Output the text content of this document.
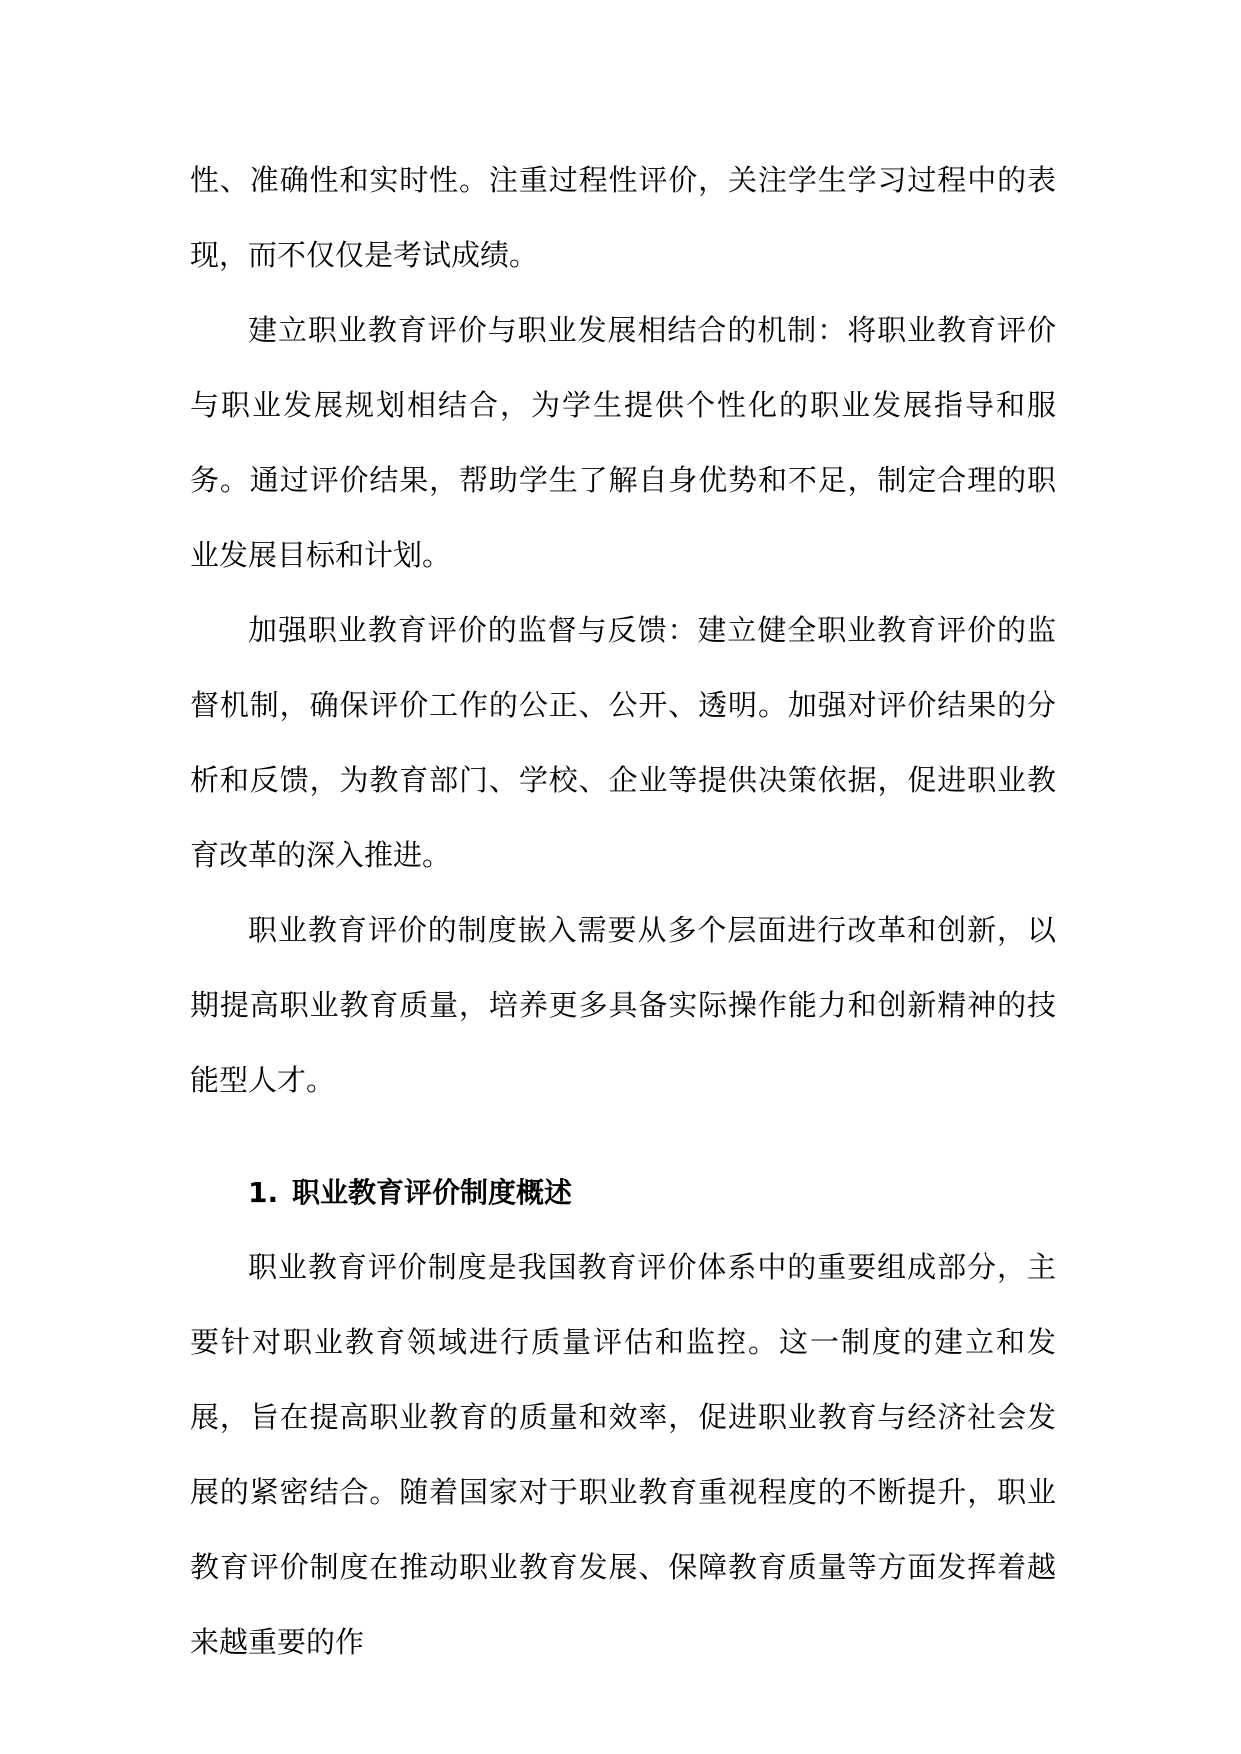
性、准确性和实时性。注重过程性评价，关注学生学习过程中的表现，而不仅仅是考试成绩。

建立职业教育评价与职业发展相结合的机制：将职业教育评价与职业发展规划相结合，为学生提供个性化的职业发展指导和服务。通过评价结果，帮助学生了解自身优势和不足，制定合理的职业发展目标和计划。

加强职业教育评价的监督与反馈：建立健全职业教育评价的监督机制，确保评价工作的公正、公开、透明。加强对评价结果的分析和反馈，为教育部门、学校、企业等提供决策依据，促进职业教育改革的深入推进。

职业教育评价的制度嵌入需要从多个层面进行改革和创新，以期提高职业教育质量，培养更多具备实际操作能力和创新精神的技能型人才。

1. 职业教育评价制度概述

职业教育评价制度是我国教育评价体系中的重要组成部分，主要针对职业教育领域进行质量评估和监控。这一制度的建立和发展，旨在提高职业教育的质量和效率，促进职业教育与经济社会发展的紧密结合。随着国家对于职业教育重视程度的不断提升，职业教育评价制度在推动职业教育发展、保障教育质量等方面发挥着越来越重要的作
